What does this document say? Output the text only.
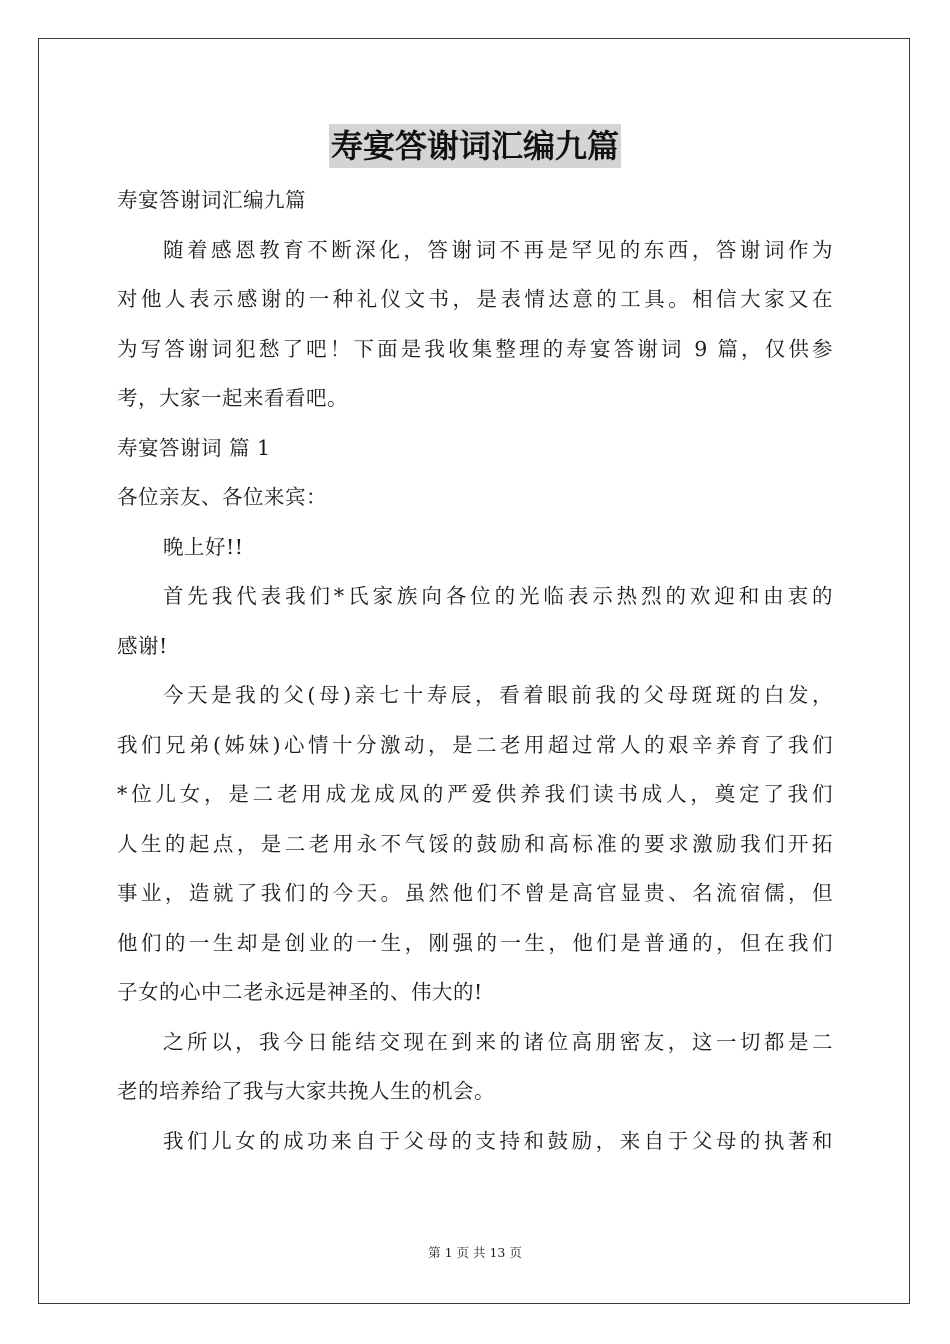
寿宴答谢词汇编九篇
寿宴答谢词汇编九篇
随着感恩教育不断深化，答谢词不再是罕见的东西，答谢词作为
对他人表示感谢的一种礼仪文书，是表情达意的工具。相信大家又在
为写答谢词犯愁了吧！下面是我收集整理的寿宴答谢词 9 篇，仅供参
考，大家一起来看看吧。
寿宴答谢词 篇 1
各位亲友、各位来宾：
晚上好!!
首先我代表我们*氏家族向各位的光临表示热烈的欢迎和由衷的
感谢!
今天是我的父(母)亲七十寿辰，看着眼前我的父母斑斑的白发，
我们兄弟(姊妹)心情十分激动，是二老用超过常人的艰辛养育了我们
*位儿女，是二老用成龙成凤的严爱供养我们读书成人，奠定了我们
人生的起点，是二老用永不气馁的鼓励和高标准的要求激励我们开拓
事业，造就了我们的今天。虽然他们不曾是高官显贵、名流宿儒，但
他们的一生却是创业的一生，刚强的一生，他们是普通的，但在我们
子女的心中二老永远是神圣的、伟大的!
之所以，我今日能结交现在到来的诸位高朋密友，这一切都是二
老的培养给了我与大家共挽人生的机会。
我们儿女的成功来自于父母的支持和鼓励，来自于父母的执著和
第 1 页 共 13 页
